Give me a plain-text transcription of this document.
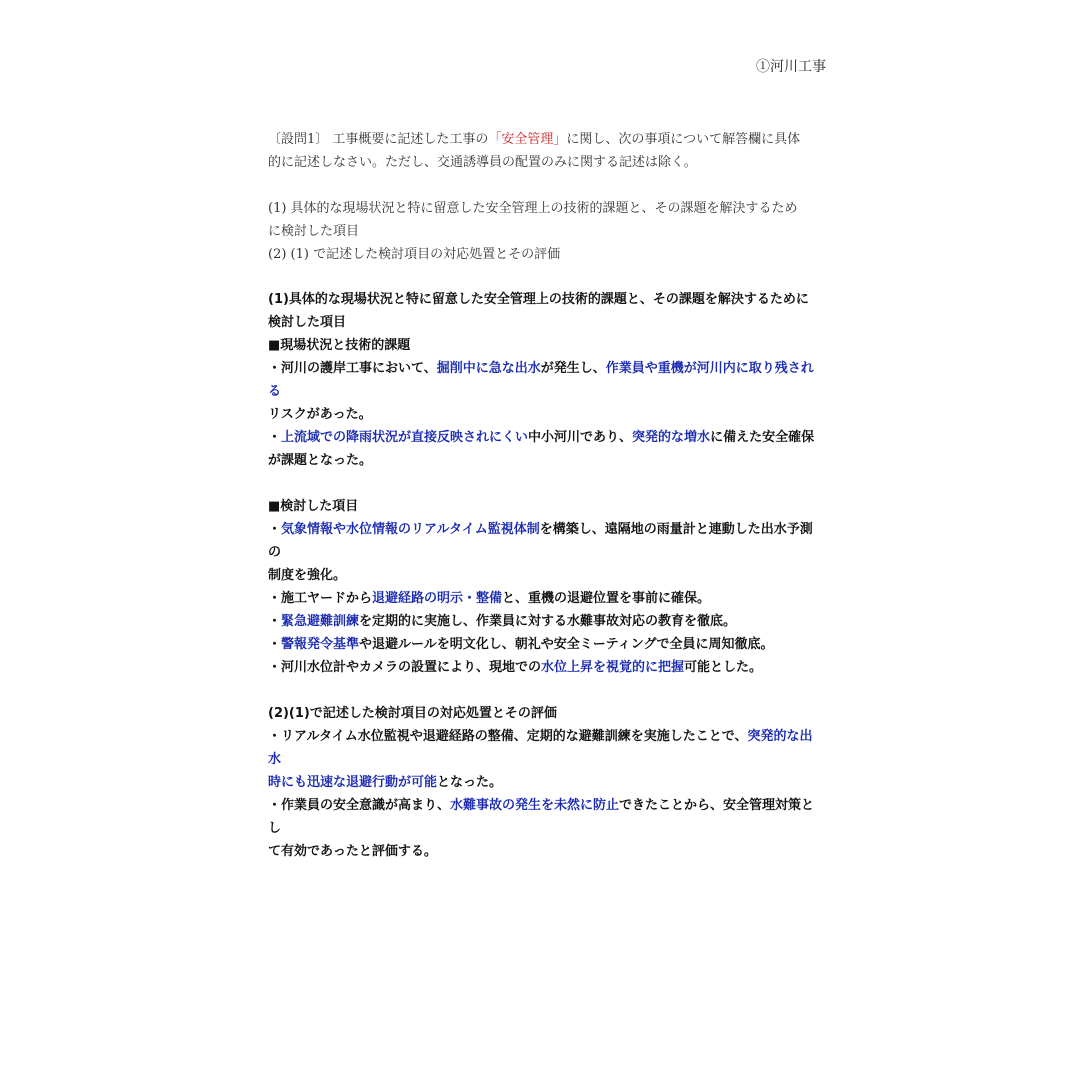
①河川工事

〔設問1〕 工事概要に記述した工事の「安全管理」に関し、次の事項について解答欄に具体

的に記述しなさい。ただし、交通誘導員の配置のみに関する記述は除く。

(1) 具体的な現場状況と特に留意した安全管理上の技術的課題と、その課題を解決するため

に検討した項目

(2) (1) で記述した検討項目の対応処置とその評価

(1)具体的な現場状況と特に留意した安全管理上の技術的課題と、その課題を解決するために

検討した項目

■現場状況と技術的課題

・河川の護岸工事において、掘削中に急な出水が発生し、作業員や重機が河川内に取り残される

リスクがあった。

・上流域での降雨状況が直接反映されにくい中小河川であり、突発的な増水に備えた安全確保

が課題となった。

■検討した項目

・気象情報や水位情報のリアルタイム監視体制を構築し、遠隔地の雨量計と連動した出水予測の

制度を強化。

・施工ヤードから退避経路の明示・整備と、重機の退避位置を事前に確保。

・緊急避難訓練を定期的に実施し、作業員に対する水難事故対応の教育を徹底。

・警報発令基準や退避ルールを明文化し、朝礼や安全ミーティングで全員に周知徹底。

・河川水位計やカメラの設置により、現地での水位上昇を視覚的に把握可能とした。

(2)(1)で記述した検討項目の対応処置とその評価

・リアルタイム水位監視や退避経路の整備、定期的な避難訓練を実施したことで、突発的な出水

時にも迅速な退避行動が可能となった。

・作業員の安全意識が高まり、水難事故の発生を未然に防止できたことから、安全管理対策とし

て有効であったと評価する。
